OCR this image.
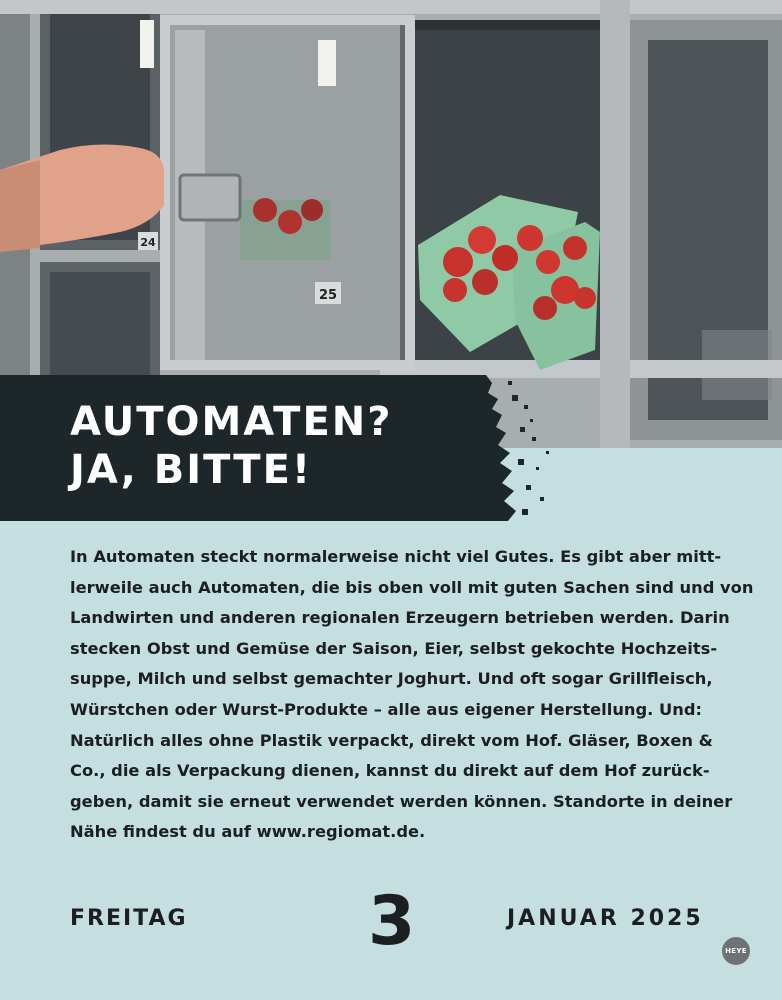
24
25
AUTOMATEN?
JA, BITTE!
In Automaten steckt normalerweise nicht viel Gutes. Es gibt aber mitt-
lerweile auch Automaten, die bis oben voll mit guten Sachen sind und von
Landwirten und anderen regionalen Erzeugern betrieben werden. Darin
stecken Obst und Gemüse der Saison, Eier, selbst gekochte Hochzeits-
suppe, Milch und selbst gemachter Joghurt. Und oft sogar Grillfleisch,
Würstchen oder Wurst-Produkte – alle aus eigener Herstellung. Und:
Natürlich alles ohne Plastik verpackt, direkt vom Hof. Gläser, Boxen &
Co., die als Verpackung dienen, kannst du direkt auf dem Hof zurück-
geben, damit sie erneut verwendet werden können. Standorte in deiner
Nähe findest du auf www.regiomat.de.
FREITAG	3	JANUAR 2025
HEYE
